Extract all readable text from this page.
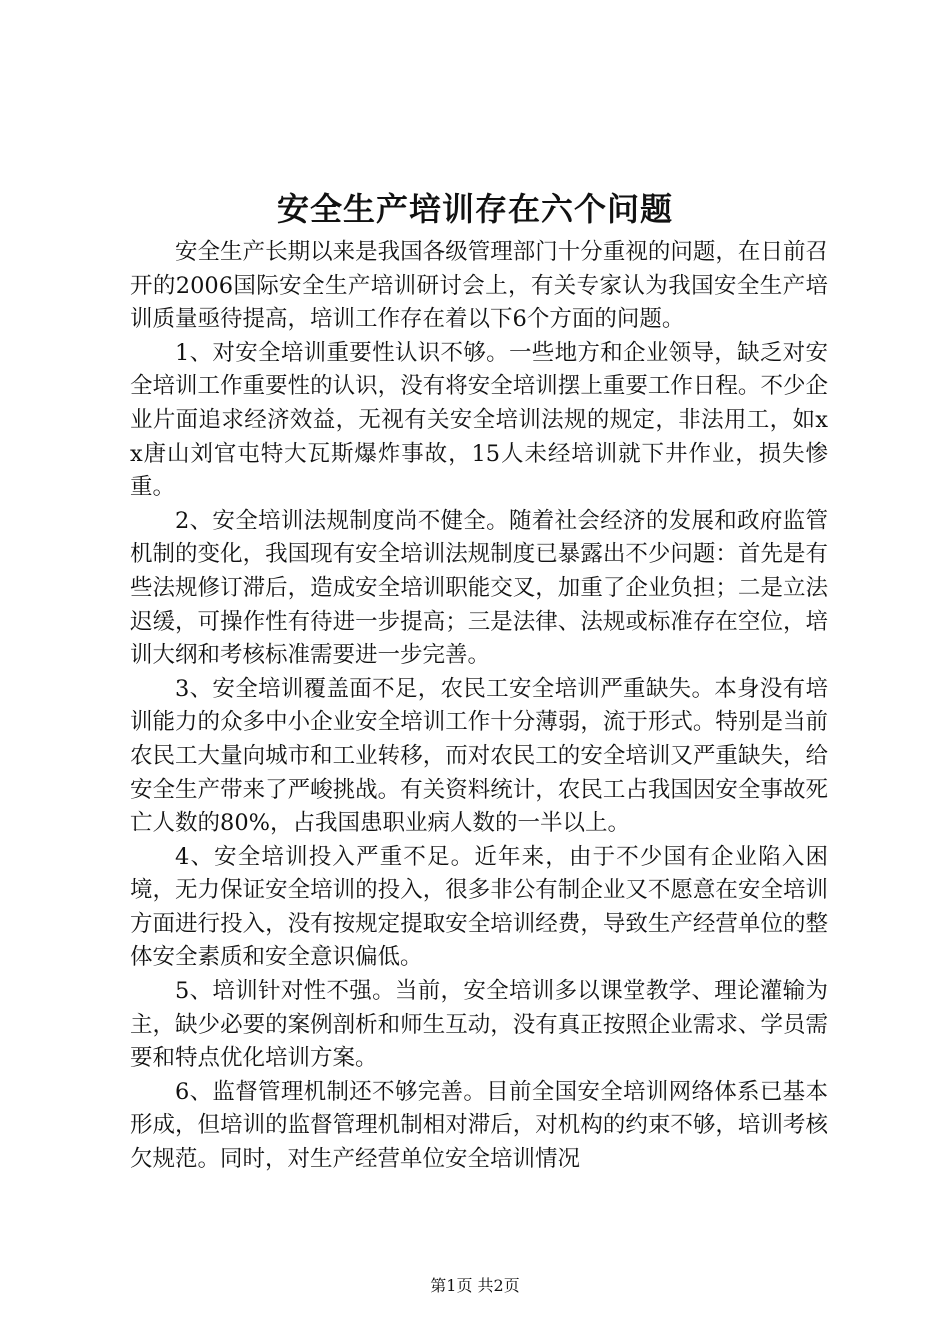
安全生产培训存在六个问题

安全生产长期以来是我国各级管理部门十分重视的问题，在日前召开的2006国际安全生产培训研讨会上，有关专家认为我国安全生产培训质量亟待提高，培训工作存在着以下6个方面的问题。

1、对安全培训重要性认识不够。一些地方和企业领导，缺乏对安全培训工作重要性的认识，没有将安全培训摆上重要工作日程。不少企业片面追求经济效益，无视有关安全培训法规的规定，非法用工，如xx唐山刘官屯特大瓦斯爆炸事故，15人未经培训就下井作业，损失惨重。

2、安全培训法规制度尚不健全。随着社会经济的发展和政府监管机制的变化，我国现有安全培训法规制度已暴露出不少问题：首先是有些法规修订滞后，造成安全培训职能交叉，加重了企业负担；二是立法迟缓，可操作性有待进一步提高；三是法律、法规或标准存在空位，培训大纲和考核标准需要进一步完善。

3、安全培训覆盖面不足，农民工安全培训严重缺失。本身没有培训能力的众多中小企业安全培训工作十分薄弱，流于形式。特别是当前农民工大量向城市和工业转移，而对农民工的安全培训又严重缺失，给安全生产带来了严峻挑战。有关资料统计，农民工占我国因安全事故死亡人数的80%，占我国患职业病人数的一半以上。

4、安全培训投入严重不足。近年来，由于不少国有企业陷入困境，无力保证安全培训的投入，很多非公有制企业又不愿意在安全培训方面进行投入，没有按规定提取安全培训经费，导致生产经营单位的整体安全素质和安全意识偏低。

5、培训针对性不强。当前，安全培训多以课堂教学、理论灌输为主，缺少必要的案例剖析和师生互动，没有真正按照企业需求、学员需要和特点优化培训方案。

6、监督管理机制还不够完善。目前全国安全培训网络体系已基本形成，但培训的监督管理机制相对滞后，对机构的约束不够，培训考核欠规范。同时，对生产经营单位安全培训情况

第1页 共2页
